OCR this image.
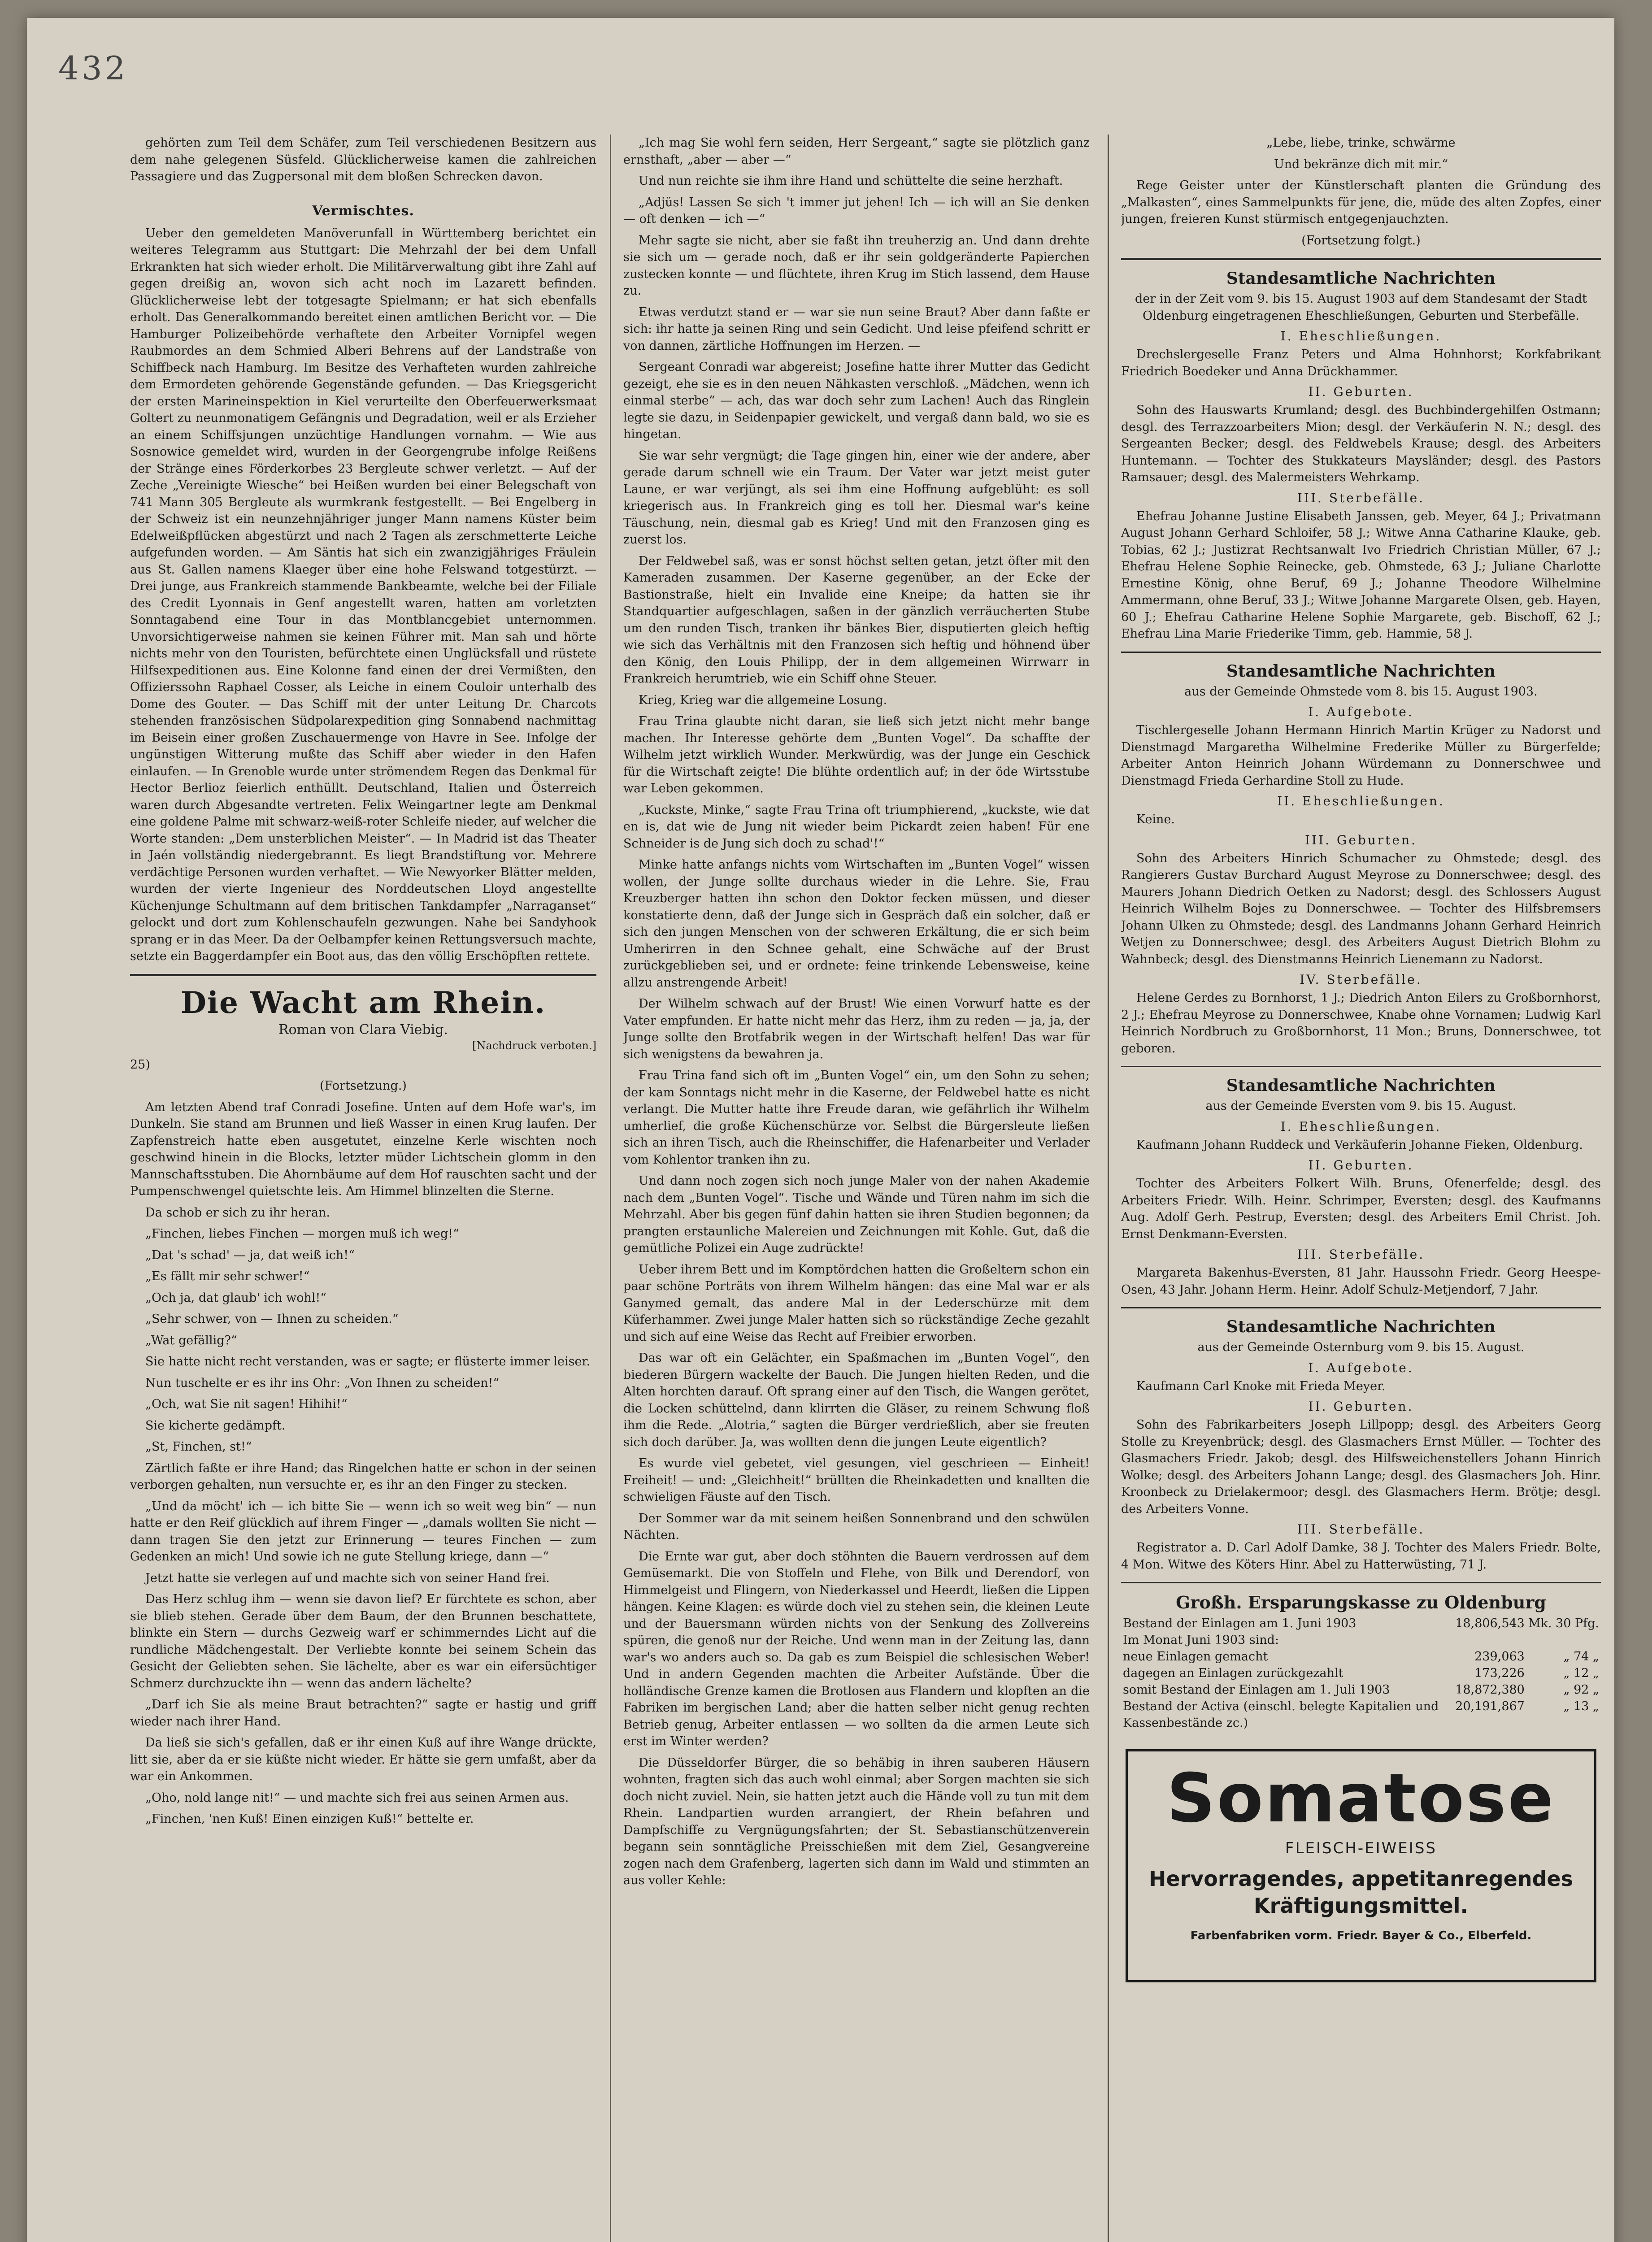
432

gehörten zum Teil dem Schäfer, zum Teil verschiedenen Besitzern aus dem nahe gelegenen Süsfeld. Glücklicherweise kamen die zahlreichen Passagiere und das Zugpersonal mit dem bloßen Schrecken davon.

Vermischtes.

Ueber den gemeldeten Manöverunfall in Württemberg berichtet ein weiteres Telegramm aus Stuttgart: Die Mehrzahl der bei dem Unfall Erkrankten hat sich wieder erholt. Die Militärverwaltung gibt ihre Zahl auf gegen dreißig an, wovon sich acht noch im Lazarett befinden. Glücklicherweise lebt der totgesagte Spielmann; er hat sich ebenfalls erholt. Das Generalkommando bereitet einen amtlichen Bericht vor. — Die Hamburger Polizeibehörde verhaftete den Arbeiter Vornipfel wegen Raubmordes an dem Schmied Alberi Behrens auf der Landstraße von Schiffbeck nach Hamburg. Im Besitze des Verhafteten wurden zahlreiche dem Ermordeten gehörende Gegenstände gefunden. — Das Kriegsgericht der ersten Marineinspektion in Kiel verurteilte den Oberfeuerwerksmaat Goltert zu neunmonatigem Gefängnis und Degradation, weil er als Erzieher an einem Schiffsjungen unzüchtige Handlungen vornahm. — Wie aus Sosnowice gemeldet wird, wurden in der Georgengrube infolge Reißens der Stränge eines Förderkorbes 23 Bergleute schwer verletzt. — Auf der Zeche „Vereinigte Wiesche“ bei Heißen wurden bei einer Belegschaft von 741 Mann 305 Bergleute als wurmkrank festgestellt. — Bei Engelberg in der Schweiz ist ein neunzehnjähriger junger Mann namens Küster beim Edelweißpflücken abgestürzt und nach 2 Tagen als zerschmetterte Leiche aufgefunden worden. — Am Säntis hat sich ein zwanzigjähriges Fräulein aus St. Gallen namens Klaeger über eine hohe Felswand totgestürzt. — Drei junge, aus Frankreich stammende Bankbeamte, welche bei der Filiale des Credit Lyonnais in Genf angestellt waren, hatten am vorletzten Sonntagabend eine Tour in das Montblancgebiet unternommen. Unvorsichtigerweise nahmen sie keinen Führer mit. Man sah und hörte nichts mehr von den Touristen, befürchtete einen Unglücksfall und rüstete Hilfsexpeditionen aus. Eine Kolonne fand einen der drei Vermißten, den Offizierssohn Raphael Cosser, als Leiche in einem Couloir unterhalb des Dome des Gouter. — Das Schiff mit der unter Leitung Dr. Charcots stehenden französischen Südpolarexpedition ging Sonnabend nachmittag im Beisein einer großen Zuschauermenge von Havre in See. Infolge der ungünstigen Witterung mußte das Schiff aber wieder in den Hafen einlaufen. — In Grenoble wurde unter strömendem Regen das Denkmal für Hector Berlioz feierlich enthüllt. Deutschland, Italien und Österreich waren durch Abgesandte vertreten. Felix Weingartner legte am Denkmal eine goldene Palme mit schwarz-weiß-roter Schleife nieder, auf welcher die Worte standen: „Dem unsterblichen Meister“. — In Madrid ist das Theater in Jaén vollständig niedergebrannt. Es liegt Brandstiftung vor. Mehrere verdächtige Personen wurden verhaftet. — Wie Newyorker Blätter melden, wurden der vierte Ingenieur des Norddeutschen Lloyd angestellte Küchenjunge Schultmann auf dem britischen Tankdampfer „Narraganset“ gelockt und dort zum Kohlenschaufeln gezwungen. Nahe bei Sandyhook sprang er in das Meer. Da der Oelbampfer keinen Rettungsversuch machte, setzte ein Baggerdampfer ein Boot aus, das den völlig Erschöpften rettete.

Die Wacht am Rhein.
Roman von Clara Viebig.
[Nachdruck verboten.]

25)

(Fortsetzung.)

Am letzten Abend traf Conradi Josefine. Unten auf dem Hofe war's, im Dunkeln. Sie stand am Brunnen und ließ Wasser in einen Krug laufen. Der Zapfenstreich hatte eben ausgetutet, einzelne Kerle wischten noch geschwind hinein in die Blocks, letzter müder Lichtschein glomm in den Mannschaftsstuben. Die Ahornbäume auf dem Hof rauschten sacht und der Pumpenschwengel quietschte leis. Am Himmel blinzelten die Sterne.

Da schob er sich zu ihr heran.

„Finchen, liebes Finchen — morgen muß ich weg!“

„Dat 's schad' — ja, dat weiß ich!“

„Es fällt mir sehr schwer!“

„Och ja, dat glaub' ich wohl!“

„Sehr schwer, von — Ihnen zu scheiden.“

„Wat gefällig?“

Sie hatte nicht recht verstanden, was er sagte; er flüsterte immer leiser.

Nun tuschelte er es ihr ins Ohr: „Von Ihnen zu scheiden!“

„Och, wat Sie nit sagen! Hihihi!“

Sie kicherte gedämpft.

„St, Finchen, st!“

Zärtlich faßte er ihre Hand; das Ringelchen hatte er schon in der seinen verborgen gehalten, nun versuchte er, es ihr an den Finger zu stecken.

„Und da möcht' ich — ich bitte Sie — wenn ich so weit weg bin“ — nun hatte er den Reif glücklich auf ihrem Finger — „damals wollten Sie nicht — dann tragen Sie den jetzt zur Erinnerung — teures Finchen — zum Gedenken an mich! Und sowie ich ne gute Stellung kriege, dann —“

Jetzt hatte sie verlegen auf und machte sich von seiner Hand frei.

Das Herz schlug ihm — wenn sie davon lief? Er fürchtete es schon, aber sie blieb stehen. Gerade über dem Baum, der den Brunnen beschattete, blinkte ein Stern — durchs Gezweig warf er schimmerndes Licht auf die rundliche Mädchengestalt. Der Verliebte konnte bei seinem Schein das Gesicht der Geliebten sehen. Sie lächelte, aber es war ein eifersüchtiger Schmerz durchzuckte ihn — wenn das andern lächelte?

„Darf ich Sie als meine Braut betrachten?“ sagte er hastig und griff wieder nach ihrer Hand.

Da ließ sie sich's gefallen, daß er ihr einen Kuß auf ihre Wange drückte, litt sie, aber da er sie küßte nicht wieder. Er hätte sie gern umfaßt, aber da war ein Ankommen.

„Oho, nold lange nit!“ — und machte sich frei aus seinen Armen aus.

„Finchen, 'nen Kuß! Einen einzigen Kuß!“ bettelte er.

„Ich mag Sie wohl fern seiden, Herr Sergeant,“ sagte sie plötzlich ganz ernsthaft, „aber — aber —“

Und nun reichte sie ihm ihre Hand und schüttelte die seine herzhaft.

„Adjüs! Lassen Se sich 't immer jut jehen! Ich — ich will an Sie denken — oft denken — ich —“

Mehr sagte sie nicht, aber sie faßt ihn treuherzig an. Und dann drehte sie sich um — gerade noch, daß er ihr sein goldgeränderte Papierchen zustecken konnte — und flüchtete, ihren Krug im Stich lassend, dem Hause zu.

Etwas verdutzt stand er — war sie nun seine Braut? Aber dann faßte er sich: ihr hatte ja seinen Ring und sein Gedicht. Und leise pfeifend schritt er von dannen, zärtliche Hoffnungen im Herzen. —

Sergeant Conradi war abgereist; Josefine hatte ihrer Mutter das Gedicht gezeigt, ehe sie es in den neuen Nähkasten verschloß. „Mädchen, wenn ich einmal sterbe“ — ach, das war doch sehr zum Lachen! Auch das Ringlein legte sie dazu, in Seidenpapier gewickelt, und vergaß dann bald, wo sie es hingetan.

Sie war sehr vergnügt; die Tage gingen hin, einer wie der andere, aber gerade darum schnell wie ein Traum. Der Vater war jetzt meist guter Laune, er war verjüngt, als sei ihm eine Hoffnung aufgeblüht: es soll kriegerisch aus. In Frankreich ging es toll her. Diesmal war's keine Täuschung, nein, diesmal gab es Krieg! Und mit den Franzosen ging es zuerst los.

Der Feldwebel saß, was er sonst höchst selten getan, jetzt öfter mit den Kameraden zusammen. Der Kaserne gegenüber, an der Ecke der Bastionstraße, hielt ein Invalide eine Kneipe; da hatten sie ihr Standquartier aufgeschlagen, saßen in der gänzlich verräucherten Stube um den runden Tisch, tranken ihr bänkes Bier, disputierten gleich heftig wie sich das Verhältnis mit den Franzosen sich heftig und höhnend über den König, den Louis Philipp, der in dem allgemeinen Wirrwarr in Frankreich herumtrieb, wie ein Schiff ohne Steuer.

Krieg, Krieg war die allgemeine Losung.

Frau Trina glaubte nicht daran, sie ließ sich jetzt nicht mehr bange machen. Ihr Interesse gehörte dem „Bunten Vogel“. Da schaffte der Wilhelm jetzt wirklich Wunder. Merkwürdig, was der Junge ein Geschick für die Wirtschaft zeigte! Die blühte ordentlich auf; in der öde Wirtsstube war Leben gekommen.

„Kuckste, Minke,“ sagte Frau Trina oft triumphierend, „kuckste, wie dat en is, dat wie de Jung nit wieder beim Pickardt zeien haben! Für ene Schneider is de Jung sich doch zu schad'!“

Minke hatte anfangs nichts vom Wirtschaften im „Bunten Vogel“ wissen wollen, der Junge sollte durchaus wieder in die Lehre. Sie, Frau Kreuzberger hatten ihn schon den Doktor fecken müssen, und dieser konstatierte denn, daß der Junge sich in Gespräch daß ein solcher, daß er sich den jungen Menschen von der schweren Erkältung, die er sich beim Umherirren in den Schnee gehalt, eine Schwäche auf der Brust zurückgeblieben sei, und er ordnete: feine trinkende Lebensweise, keine allzu anstrengende Arbeit!

Der Wilhelm schwach auf der Brust! Wie einen Vorwurf hatte es der Vater empfunden. Er hatte nicht mehr das Herz, ihm zu reden — ja, ja, der Junge sollte den Brotfabrik wegen in der Wirtschaft helfen! Das war für sich wenigstens da bewahren ja.

Frau Trina fand sich oft im „Bunten Vogel“ ein, um den Sohn zu sehen; der kam Sonntags nicht mehr in die Kaserne, der Feldwebel hatte es nicht verlangt. Die Mutter hatte ihre Freude daran, wie gefährlich ihr Wilhelm umherlief, die große Küchenschürze vor. Selbst die Bürgersleute ließen sich an ihren Tisch, auch die Rheinschiffer, die Hafenarbeiter und Verlader vom Kohlentor tranken ihn zu.

Und dann noch zogen sich noch junge Maler von der nahen Akademie nach dem „Bunten Vogel“. Tische und Wände und Türen nahm im sich die Mehrzahl. Aber bis gegen fünf dahin hatten sie ihren Studien begonnen; da prangten erstaunliche Malereien und Zeichnungen mit Kohle. Gut, daß die gemütliche Polizei ein Auge zudrückte!

Ueber ihrem Bett und im Komptördchen hatten die Großeltern schon ein paar schöne Porträts von ihrem Wilhelm hängen: das eine Mal war er als Ganymed gemalt, das andere Mal in der Lederschürze mit dem Küferhammer. Zwei junge Maler hatten sich so rückständige Zeche gezahlt und sich auf eine Weise das Recht auf Freibier erworben.

Das war oft ein Gelächter, ein Spaßmachen im „Bunten Vogel“, den biederen Bürgern wackelte der Bauch. Die Jungen hielten Reden, und die Alten horchten darauf. Oft sprang einer auf den Tisch, die Wangen gerötet, die Locken schüttelnd, dann klirrten die Gläser, zu reinem Schwung floß ihm die Rede. „Alotria,“ sagten die Bürger verdrießlich, aber sie freuten sich doch darüber. Ja, was wollten denn die jungen Leute eigentlich?

Es wurde viel gebetet, viel gesungen, viel geschrieen — Einheit! Freiheit! — und: „Gleichheit!“ brüllten die Rheinkadetten und knallten die schwieligen Fäuste auf den Tisch.

Der Sommer war da mit seinem heißen Sonnenbrand und den schwülen Nächten.

Die Ernte war gut, aber doch stöhnten die Bauern verdrossen auf dem Gemüsemarkt. Die von Stoffeln und Flehe, von Bilk und Derendorf, von Himmelgeist und Flingern, von Niederkassel und Heerdt, ließen die Lippen hängen. Keine Klagen: es würde doch viel zu stehen sein, die kleinen Leute und der Bauersmann würden nichts von der Senkung des Zollvereins spüren, die genoß nur der Reiche. Und wenn man in der Zeitung las, dann war's wo anders auch so. Da gab es zum Beispiel die schlesischen Weber! Und in andern Gegenden machten die Arbeiter Aufstände. Über die holländische Grenze kamen die Brotlosen aus Flandern und klopften an die Fabriken im bergischen Land; aber die hatten selber nicht genug rechten Betrieb genug, Arbeiter entlassen — wo sollten da die armen Leute sich erst im Winter werden?

Die Düsseldorfer Bürger, die so behäbig in ihren sauberen Häusern wohnten, fragten sich das auch wohl einmal; aber Sorgen machten sie sich doch nicht zuviel. Nein, sie hatten jetzt auch die Hände voll zu tun mit dem Rhein. Landpartien wurden arrangiert, der Rhein befahren und Dampfschiffe zu Vergnügungsfahrten; der St. Sebastianschützenverein begann sein sonntägliche Preisschießen mit dem Ziel, Gesangvereine zogen nach dem Grafenberg, lagerten sich dann im Wald und stimmten an aus voller Kehle:

„Lebe, liebe, trinke, schwärme

Und bekränze dich mit mir.“

Rege Geister unter der Künstlerschaft planten die Gründung des „Malkasten“, eines Sammelpunkts für jene, die, müde des alten Zopfes, einer jungen, freieren Kunst stürmisch entgegenjauchzten.

(Fortsetzung folgt.)

Standesamtliche Nachrichten

der in der Zeit vom 9. bis 15. August 1903 auf dem Standesamt der Stadt Oldenburg eingetragenen Eheschließungen, Geburten und Sterbefälle.

I. Eheschließungen.

Drechslergeselle Franz Peters und Alma Hohnhorst; Korkfabrikant Friedrich Boedeker und Anna Drückhammer.

II. Geburten.

Sohn des Hauswarts Krumland; desgl. des Buchbindergehilfen Ostmann; desgl. des Terrazzoarbeiters Mion; desgl. der Verkäuferin N. N.; desgl. des Sergeanten Becker; desgl. des Feldwebels Krause; desgl. des Arbeiters Huntemann. — Tochter des Stukkateurs Maysländer; desgl. des Pastors Ramsauer; desgl. des Malermeisters Wehrkamp.

III. Sterbefälle.

Ehefrau Johanne Justine Elisabeth Janssen, geb. Meyer, 64 J.; Privatmann August Johann Gerhard Schloifer, 58 J.; Witwe Anna Catharine Klauke, geb. Tobias, 62 J.; Justizrat Rechtsanwalt Ivo Friedrich Christian Müller, 67 J.; Ehefrau Helene Sophie Reinecke, geb. Ohmstede, 63 J.; Juliane Charlotte Ernestine König, ohne Beruf, 69 J.; Johanne Theodore Wilhelmine Ammermann, ohne Beruf, 33 J.; Witwe Johanne Margarete Olsen, geb. Hayen, 60 J.; Ehefrau Catharine Helene Sophie Margarete, geb. Bischoff, 62 J.; Ehefrau Lina Marie Friederike Timm, geb. Hammie, 58 J.

Standesamtliche Nachrichten

aus der Gemeinde Ohmstede vom 8. bis 15. August 1903.

I. Aufgebote.

Tischlergeselle Johann Hermann Hinrich Martin Krüger zu Nadorst und Dienstmagd Margaretha Wilhelmine Frederike Müller zu Bürgerfelde; Arbeiter Anton Heinrich Johann Würdemann zu Donnerschwee und Dienstmagd Frieda Gerhardine Stoll zu Hude.

II. Eheschließungen.

Keine.

III. Geburten.

Sohn des Arbeiters Hinrich Schumacher zu Ohmstede; desgl. des Rangierers Gustav Burchard August Meyrose zu Donnerschwee; desgl. des Maurers Johann Diedrich Oetken zu Nadorst; desgl. des Schlossers August Heinrich Wilhelm Bojes zu Donnerschwee. — Tochter des Hilfsbremsers Johann Ulken zu Ohmstede; desgl. des Landmanns Johann Gerhard Heinrich Wetjen zu Donnerschwee; desgl. des Arbeiters August Dietrich Blohm zu Wahnbeck; desgl. des Dienstmanns Heinrich Lienemann zu Nadorst.

IV. Sterbefälle.

Helene Gerdes zu Bornhorst, 1 J.; Diedrich Anton Eilers zu Großbornhorst, 2 J.; Ehefrau Meyrose zu Donnerschwee, Knabe ohne Vornamen; Ludwig Karl Heinrich Nordbruch zu Großbornhorst, 11 Mon.; Bruns, Donnerschwee, tot geboren.

Standesamtliche Nachrichten

aus der Gemeinde Eversten vom 9. bis 15. August.

I. Eheschließungen.

Kaufmann Johann Ruddeck und Verkäuferin Johanne Fieken, Oldenburg.

II. Geburten.

Tochter des Arbeiters Folkert Wilh. Bruns, Ofenerfelde; desgl. des Arbeiters Friedr. Wilh. Heinr. Schrimper, Eversten; desgl. des Kaufmanns Aug. Adolf Gerh. Pestrup, Eversten; desgl. des Arbeiters Emil Christ. Joh. Ernst Denkmann-Eversten.

III. Sterbefälle.

Margareta Bakenhus-Eversten, 81 Jahr. Haussohn Friedr. Georg Heespe-Osen, 43 Jahr. Johann Herm. Heinr. Adolf Schulz-Metjendorf, 7 Jahr.

Standesamtliche Nachrichten

aus der Gemeinde Osternburg vom 9. bis 15. August.

I. Aufgebote.

Kaufmann Carl Knoke mit Frieda Meyer.

II. Geburten.

Sohn des Fabrikarbeiters Joseph Lillpopp; desgl. des Arbeiters Georg Stolle zu Kreyenbrück; desgl. des Glasmachers Ernst Müller. — Tochter des Glasmachers Friedr. Jakob; desgl. des Hilfsweichenstellers Johann Hinrich Wolke; desgl. des Arbeiters Johann Lange; desgl. des Glasmachers Joh. Hinr. Kroonbeck zu Drielakermoor; desgl. des Glasmachers Herm. Brötje; desgl. des Arbeiters Vonne.

III. Sterbefälle.

Registrator a. D. Carl Adolf Damke, 38 J. Tochter des Malers Friedr. Bolte, 4 Mon. Witwe des Köters Hinr. Abel zu Hatterwüsting, 71 J.

Großh. Ersparungskasse zu Oldenburg
Bestand der Einlagen am 1. Juni 1903	18,806,543	Mk. 30 Pfg.
Im Monat Juni 1903 sind:		
neue Einlagen gemacht	239,063	„ 74 „
dagegen an Einlagen zurückgezahlt	173,226	„ 12 „
somit Bestand der Einlagen am 1. Juli 1903	18,872,380	„ 92 „
Bestand der Activa (einschl. belegte Kapitalien und Kassenbestände zc.)	20,191,867	„ 13 „
Somatose
FLEISCH-EIWEISS
Hervorragendes, appetitanregendes
Kräftigungsmittel.
Farbenfabriken vorm. Friedr. Bayer & Co., Elberfeld.
